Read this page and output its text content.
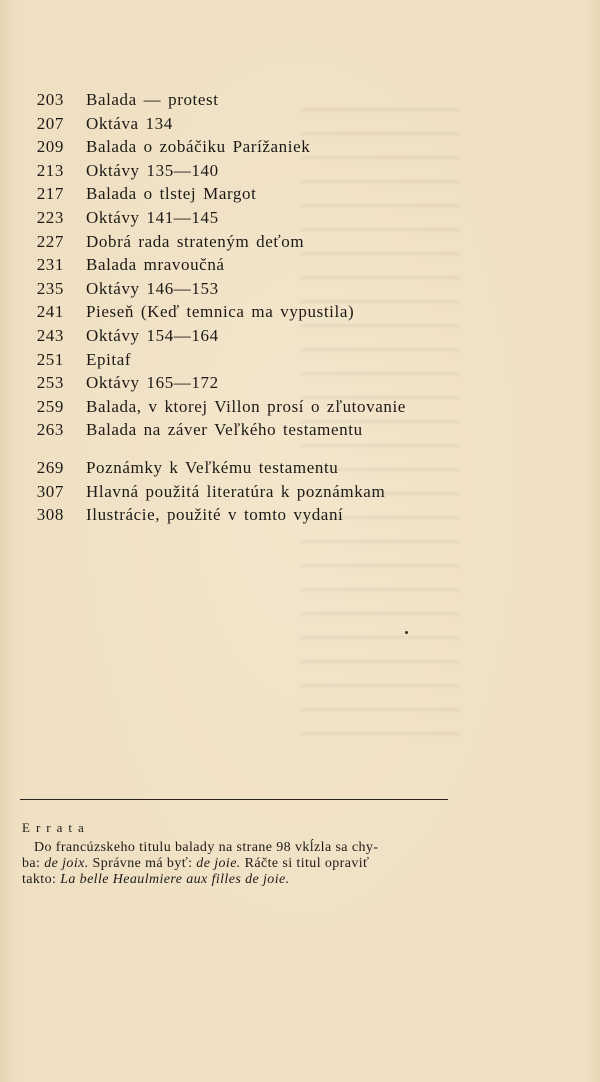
203 Balada — protest
207 Oktáva 134
209 Balada o zobáčiku Parížaniek
213 Oktávy 135—140
217 Balada o tlstej Margot
223 Oktávy 141—145
227 Dobrá rada strateným deťom
231 Balada mravoučná
235 Oktávy 146—153
241 Pieseň (Keď temnica ma vypustila)
243 Oktávy 154—164
251 Epitaf
253 Oktávy 165—172
259 Balada, v ktorej Villon prosí o zľutovanie
263 Balada na záver Veľkého testamentu
269 Poznámky k Veľkému testamentu
307 Hlavná použitá literatúra k poznámkam
308 Ilustrácie, použité v tomto vydaní
Errata
Do francúzskeho titulu balady na strane 98 vkĺzla sa chy-
ba: de joix. Správne má byť: de joie. Ráčte si titul opraviť
takto: La belle Heaulmiere aux filles de joie.
